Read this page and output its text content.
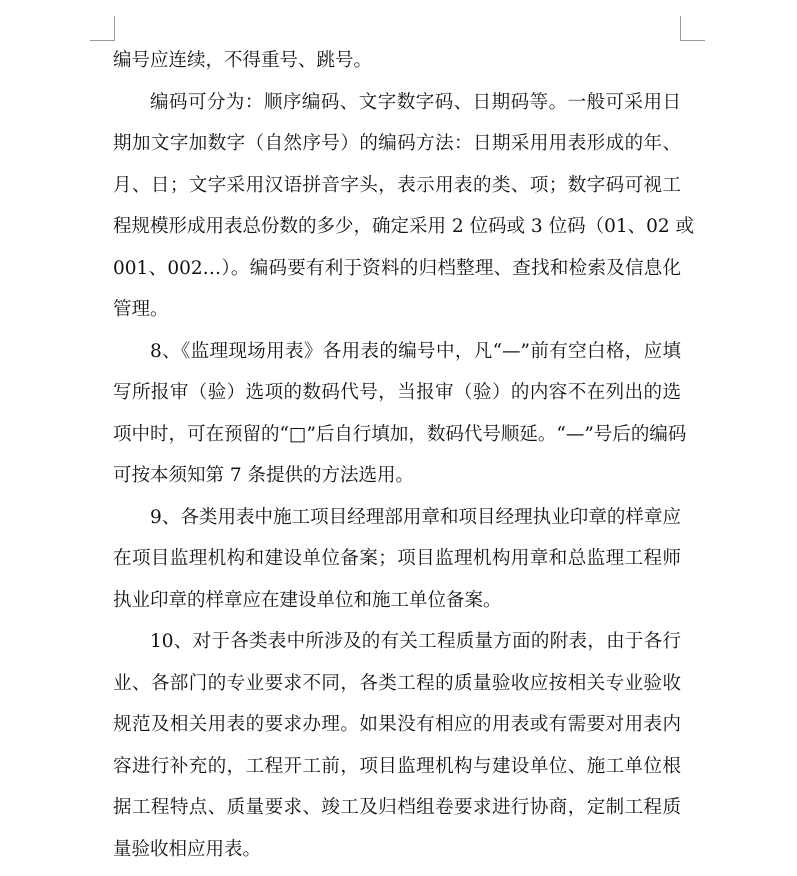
编号应连续，不得重号、跳号。
编码可分为：顺序编码、文字数字码、日期码等。一般可采用日
期加文字加数字（自然序号）的编码方法：日期采用用表形成的年、
月、日；文字采用汉语拼音字头，表示用表的类、项；数字码可视工
程规模形成用表总份数的多少，确定采用 2 位码或 3 位码（01、02 或
001、002…）。编码要有利于资料的归档整理、查找和检索及信息化
管理。
8、《监理现场用表》各用表的编号中，凡“—”前有空白格，应填
写所报审（验）选项的数码代号，当报审（验）的内容不在列出的选
项中时，可在预留的“□”后自行填加，数码代号顺延。“—”号后的编码
可按本须知第 7 条提供的方法选用。
9、各类用表中施工项目经理部用章和项目经理执业印章的样章应
在项目监理机构和建设单位备案；项目监理机构用章和总监理工程师
执业印章的样章应在建设单位和施工单位备案。
10、对于各类表中所涉及的有关工程质量方面的附表，由于各行
业、各部门的专业要求不同，各类工程的质量验收应按相关专业验收
规范及相关用表的要求办理。如果没有相应的用表或有需要对用表内
容进行补充的，工程开工前，项目监理机构与建设单位、施工单位根
据工程特点、质量要求、竣工及归档组卷要求进行协商，定制工程质
量验收相应用表。
